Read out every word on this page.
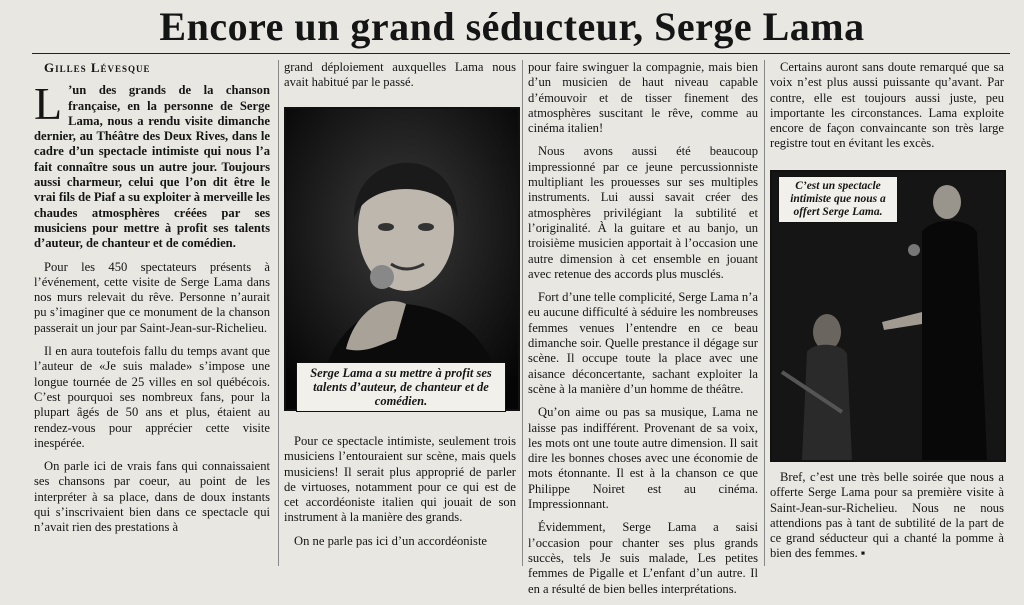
Encore un grand séducteur, Serge Lama

Gilles Lévesque

L ’un des grands de la chanson française, en la personne de Serge Lama, nous a rendu visite dimanche dernier, au Théâtre des Deux Rives, dans le cadre d’un spectacle intimiste qui nous l’a fait connaître sous un autre jour. Toujours aussi charmeur, celui que l’on dit être le vrai fils de Piaf a su exploiter à merveille les chaudes atmosphères créées par ses musiciens pour mettre à profit ses talents d’auteur, de chanteur et de comédien.

Pour les 450 spectateurs présents à l’événement, cette visite de Serge Lama dans nos murs relevait du rêve. Personne n’aurait pu s’imaginer que ce monument de la chanson passerait un jour par Saint-Jean-sur-Richelieu.

Il en aura toutefois fallu du temps avant que l’auteur de «Je suis malade» s’impose une longue tournée de 25 villes en sol québécois. C’est pourquoi ses nombreux fans, pour la plupart âgés de 50 ans et plus, étaient au rendez-vous pour apprécier cette visite inespérée.

On parle ici de vrais fans qui connaissaient ses chansons par coeur, au point de les interpréter à sa place, dans de doux instants qui s’inscrivaient bien dans ce spectacle qui n’avait rien des prestations à

grand déploiement auxquelles Lama nous avait habitué par le passé.

Serge Lama a su mettre à profit ses talents d’auteur, de chanteur et de comédien.

Pour ce spectacle intimiste, seulement trois musiciens l’entouraient sur scène, mais quels musiciens! Il serait plus approprié de parler de virtuoses, notamment pour ce qui est de cet accordéoniste italien qui jouait de son instrument à la manière des grands.

On ne parle pas ici d’un accordéoniste

pour faire swinguer la compagnie, mais bien d’un musicien de haut niveau capable d’émouvoir et de tisser finement des atmosphères suscitant le rêve, comme au cinéma italien!

Nous avons aussi été beaucoup impressionné par ce jeune percussionniste multipliant les prouesses sur ses multiples instruments. Lui aussi savait créer des atmosphères privilégiant la subtilité et l’originalité. À la guitare et au banjo, un troisième musicien apportait à l’occasion une autre dimension à cet ensemble en jouant avec retenue des accords plus musclés.

Fort d’une telle complicité, Serge Lama n’a eu aucune difficulté à séduire les nombreuses femmes venues l’entendre en ce beau dimanche soir. Quelle prestance il dégage sur scène. Il occupe toute la place avec une aisance déconcertante, sachant exploiter la scène à la manière d’un homme de théâtre.

Qu’on aime ou pas sa musique, Lama ne laisse pas indifférent. Provenant de sa voix, les mots ont une toute autre dimension. Il sait dire les bonnes choses avec une économie de mots étonnante. Il est à la chanson ce que Philippe Noiret est au cinéma. Impressionnant.

Évidemment, Serge Lama a saisi l’occasion pour chanter ses plus grands succès, tels Je suis malade, Les petites femmes de Pigalle et L’enfant d’un autre. Il en a résulté de bien belles interprétations.

Certains auront sans doute remarqué que sa voix n’est plus aussi puissante qu’avant. Par contre, elle est toujours aussi juste, peu importante les circonstances. Lama exploite encore de façon convaincante son très large registre tout en évitant les excès.

C’est un spectacle intimiste que nous a offert Serge Lama.

Bref, c’est une très belle soirée que nous a offerte Serge Lama pour sa première visite à Saint-Jean-sur-Richelieu. Nous ne nous attendions pas à tant de subtilité de la part de ce grand séducteur qui a chanté la pomme à bien des femmes. ▪
